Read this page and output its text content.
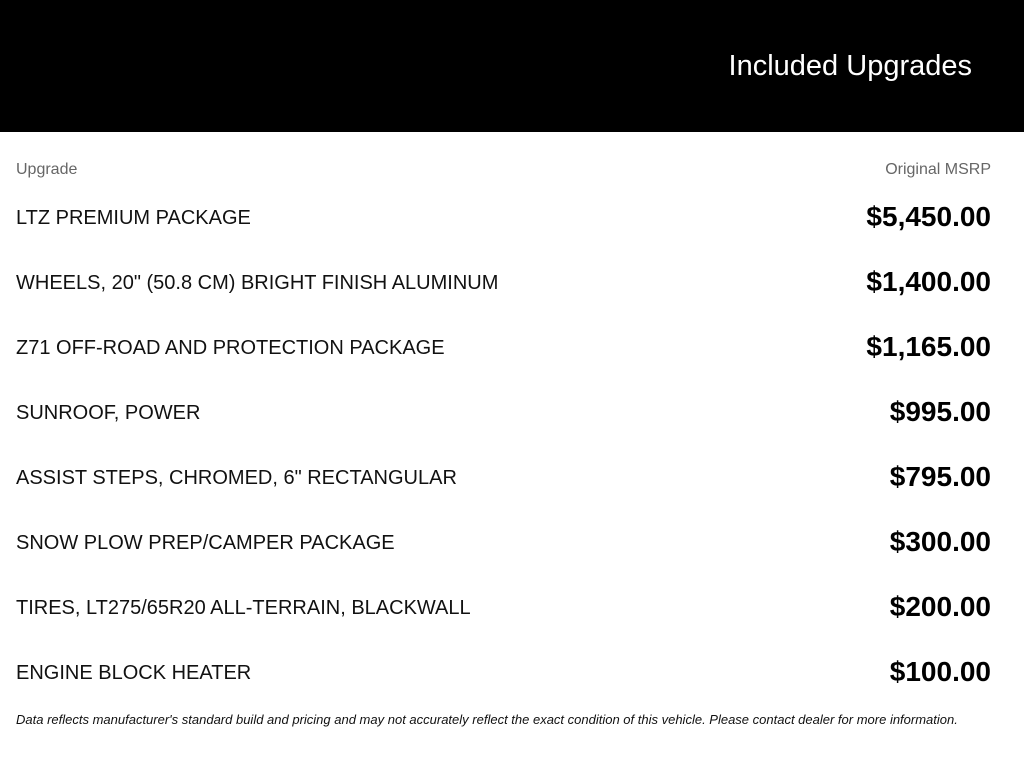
Included Upgrades
Upgrade	Original MSRP
LTZ PREMIUM PACKAGE	$5,450.00
WHEELS, 20" (50.8 CM) BRIGHT FINISH ALUMINUM	$1,400.00
Z71 OFF-ROAD AND PROTECTION PACKAGE	$1,165.00
SUNROOF, POWER	$995.00
ASSIST STEPS, CHROMED, 6" RECTANGULAR	$795.00
SNOW PLOW PREP/CAMPER PACKAGE	$300.00
TIRES, LT275/65R20 ALL-TERRAIN, BLACKWALL	$200.00
ENGINE BLOCK HEATER	$100.00
Data reflects manufacturer's standard build and pricing and may not accurately reflect the exact condition of this vehicle. Please contact dealer for more information.
